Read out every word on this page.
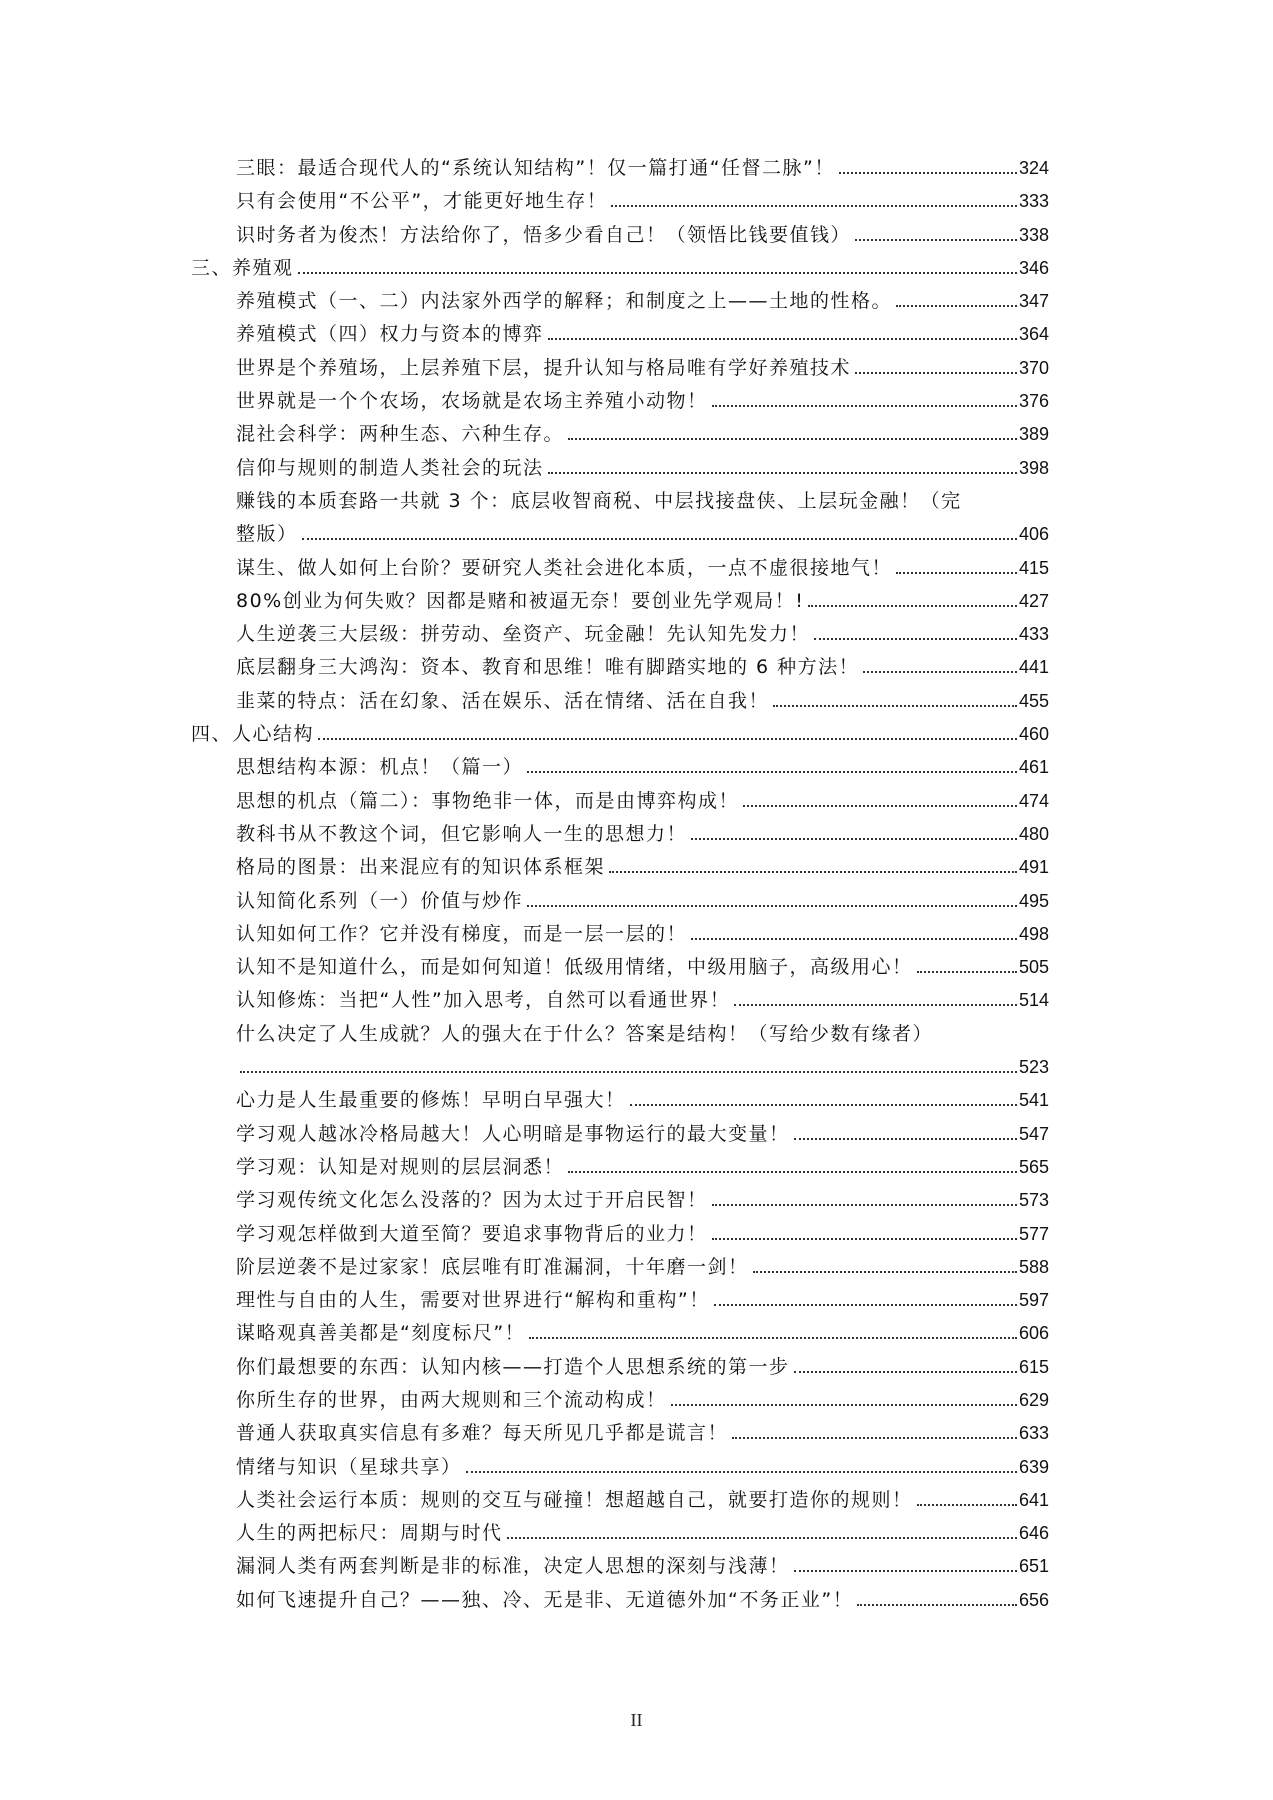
三眼：最适合现代人的“系统认知结构”！仅一篇打通“任督二脉”！	324
只有会使用“不公平”，才能更好地生存！	333
识时务者为俊杰！方法给你了，悟多少看自己！（领悟比钱要值钱）	338
三、养殖观	346
养殖模式（一、二）内法家外西学的解释；和制度之上——土地的性格。	347
养殖模式（四）权力与资本的博弈	364
世界是个养殖场，上层养殖下层，提升认知与格局唯有学好养殖技术	370
世界就是一个个农场，农场就是农场主养殖小动物！	376
混社会科学：两种生态、六种生存。	389
信仰与规则的制造人类社会的玩法	398
赚钱的本质套路一共就 3 个：底层收智商税、中层找接盘侠、上层玩金融！（完
整版）	406
谋生、做人如何上台阶？要研究人类社会进化本质，一点不虚很接地气！	415
80%创业为何失败？因都是赌和被逼无奈！要创业先学观局！!	427
人生逆袭三大层级：拼劳动、垒资产、玩金融！先认知先发力！	433
底层翻身三大鸿沟：资本、教育和思维！唯有脚踏实地的 6 种方法！	441
韭菜的特点：活在幻象、活在娱乐、活在情绪、活在自我！	455
四、人心结构	460
思想结构本源：机点！（篇一）	461
思想的机点（篇二）：事物绝非一体，而是由博弈构成！	474
教科书从不教这个词，但它影响人一生的思想力！	480
格局的图景：出来混应有的知识体系框架	491
认知简化系列（一）价值与炒作	495
认知如何工作？它并没有梯度，而是一层一层的！	498
认知不是知道什么，而是如何知道！低级用情绪，中级用脑子，高级用心！	505
认知修炼：当把“人性”加入思考，自然可以看通世界！	514
什么决定了人生成就？人的强大在于什么？答案是结构！（写给少数有缘者）
523
心力是人生最重要的修炼！早明白早强大！	541
学习观人越冰冷格局越大！人心明暗是事物运行的最大变量！	547
学习观：认知是对规则的层层洞悉！	565
学习观传统文化怎么没落的？因为太过于开启民智！	573
学习观怎样做到大道至简？要追求事物背后的业力！	577
阶层逆袭不是过家家！底层唯有盯准漏洞，十年磨一剑！	588
理性与自由的人生，需要对世界进行“解构和重构”！	597
谋略观真善美都是“刻度标尺”！	606
你们最想要的东西：认知内核——打造个人思想系统的第一步	615
你所生存的世界，由两大规则和三个流动构成！	629
普通人获取真实信息有多难？每天所见几乎都是谎言！	633
情绪与知识（星球共享）	639
人类社会运行本质：规则的交互与碰撞！想超越自己，就要打造你的规则！	641
人生的两把标尺：周期与时代	646
漏洞人类有两套判断是非的标准，决定人思想的深刻与浅薄！	651
如何飞速提升自己？——独、冷、无是非、无道德外加“不务正业”！	656
II
